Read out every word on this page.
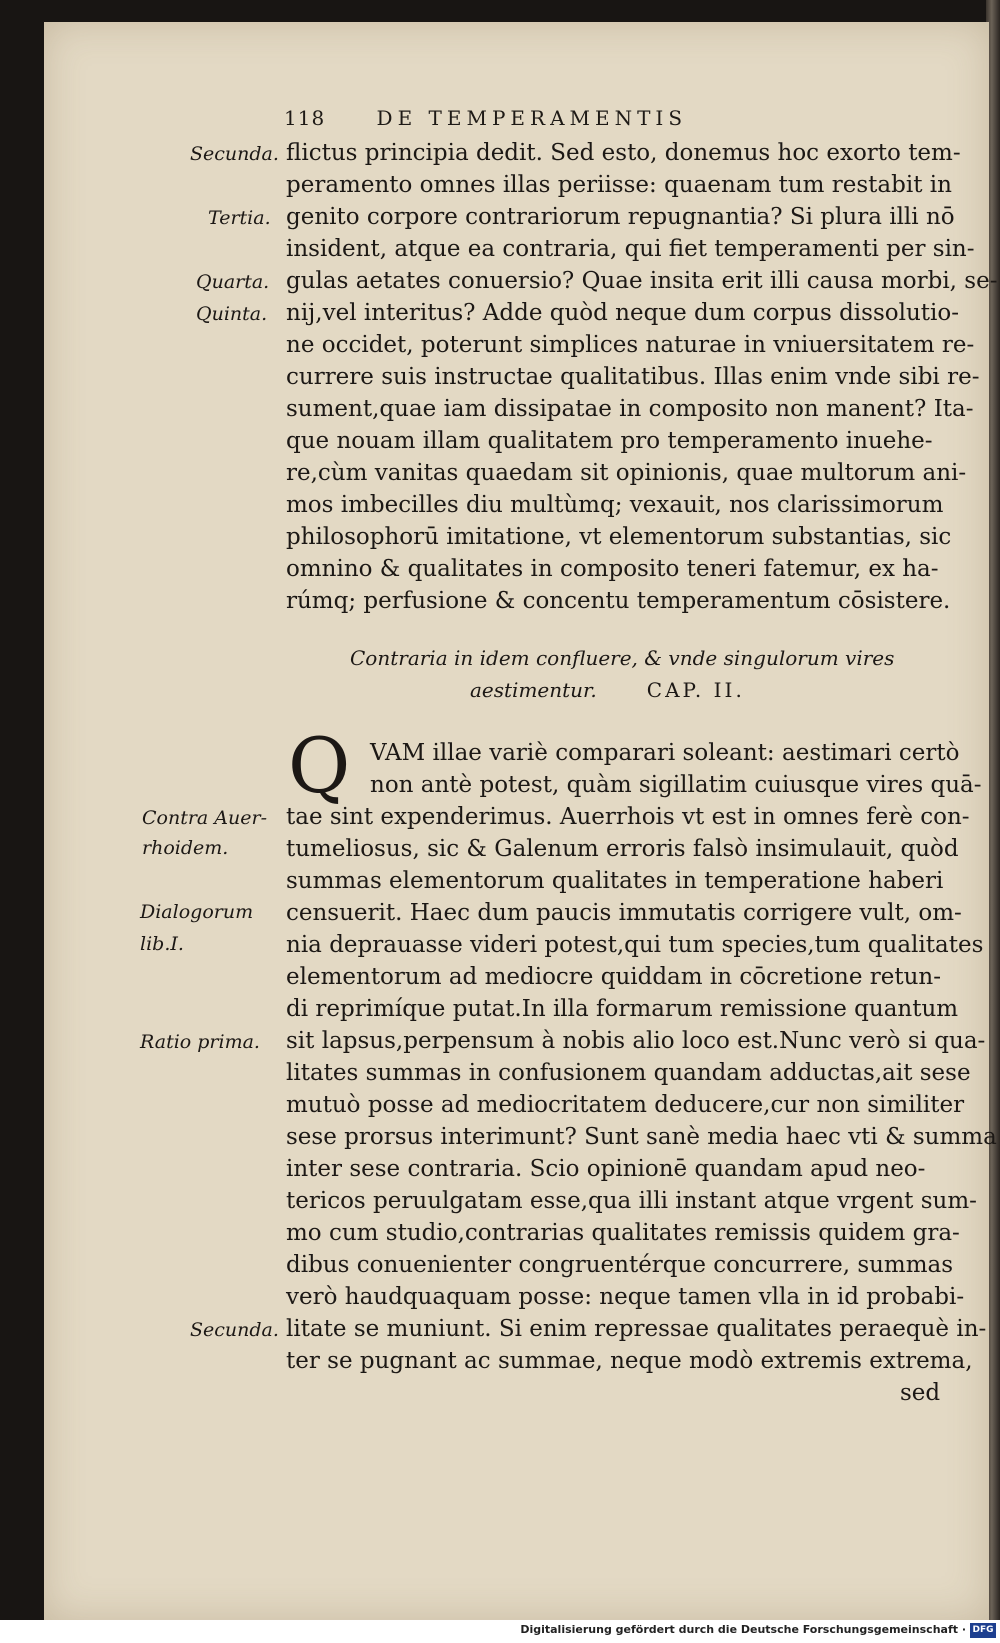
118	DE TEMPERAMENTIS
flictus principia dedit. Sed esto, donemus hoc exorto tem-
peramento omnes illas periisse: quaenam tum restabit in
genito corpore contrariorum repugnantia? Si plura illi nō
insident, atque ea contraria, qui fiet temperamenti per sin-
gulas aetates conuersio? Quae insita erit illi causa morbi, se-
nij,vel interitus? Adde quòd neque dum corpus dissolutio-
ne occidet, poterunt simplices naturae in vniuersitatem re-
currere suis instructae qualitatibus. Illas enim vnde sibi re-
sument,quae iam dissipatae in composito non manent? Ita-
que nouam illam qualitatem pro temperamento inuehe-
re,cùm vanitas quaedam sit opinionis, quae multorum ani-
mos imbecilles diu multùmq; vexauit, nos clarissimorum
philosophorū imitatione, vt elementorum substantias, sic
omnino & qualitates in composito teneri fatemur, ex ha-
rúmq; perfusione & concentu temperamentum cōsistere.
Secunda.
Tertia.
Quarta.
Quinta.
Contraria in idem confluere, & vnde singulorum vires
aestimentur.	CAP. II.
Q VAM illae variè comparari soleant: aestimari certò
non antè potest, quàm sigillatim cuiusque vires quā-
tae sint expenderimus. Auerrhois vt est in omnes ferè con-
tumeliosus, sic & Galenum erroris falsò insimulauit, quòd
summas elementorum qualitates in temperatione haberi
censuerit. Haec dum paucis immutatis corrigere vult, om-
nia deprauasse videri potest,qui tum species,tum qualitates
elementorum ad mediocre quiddam in cōcretione retun-
di reprimíque putat.In illa formarum remissione quantum
sit lapsus,perpensum à nobis alio loco est.Nunc verò si qua-
litates summas in confusionem quandam adductas,ait sese
mutuò posse ad mediocritatem deducere,cur non similiter
sese prorsus interimunt? Sunt sanè media haec vti & summa
inter sese contraria. Scio opinionē quandam apud neo-
tericos peruulgatam esse,qua illi instant atque vrgent sum-
mo cum studio,contrarias qualitates remissis quidem gra-
dibus conuenienter congruentérque concurrere, summas
verò haudquaquam posse: neque tamen vlla in id probabi-
litate se muniunt. Si enim repressae qualitates peraequè in-
ter se pugnant ac summae, neque modò extremis extrema,
sed
Contra Auer-
rhoidem.
Dialogorum
lib.I.
Ratio prima.
Secunda.
Digitalisierung gefördert durch die Deutsche Forschungsgemeinschaft · DFG
